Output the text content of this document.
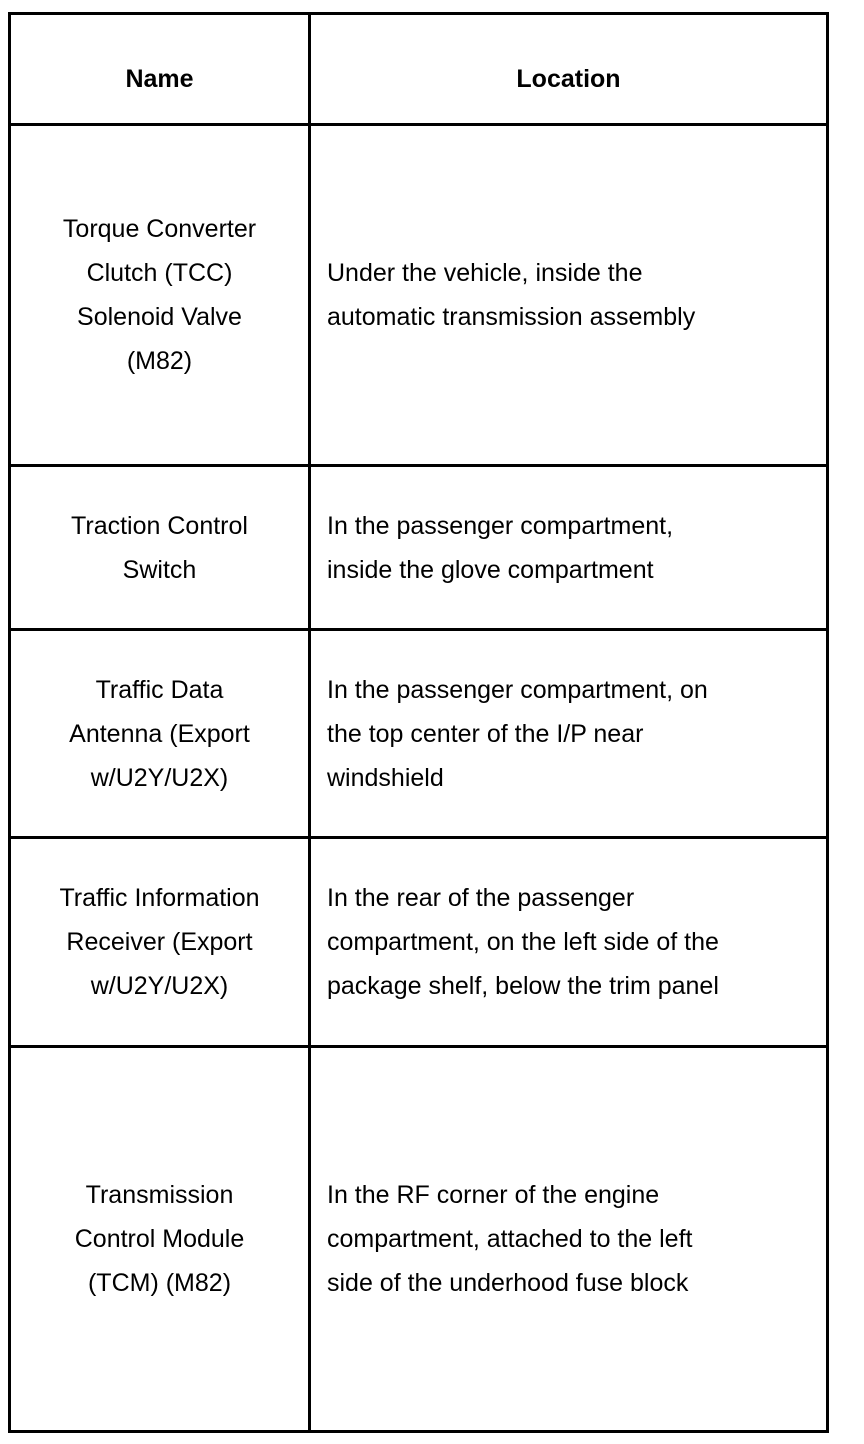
Name	Location

Torque Converter
Clutch (TCC)
Solenoid Valve
(M82)	Under the vehicle, inside the
automatic transmission assembly

Traction Control
Switch	In the passenger compartment,
inside the glove compartment

Traffic Data
Antenna (Export
w/U2Y/U2X)	In the passenger compartment, on
the top center of the I/P near
windshield

Traffic Information
Receiver (Export
w/U2Y/U2X)	In the rear of the passenger
compartment, on the left side of the
package shelf, below the trim panel

Transmission
Control Module
(TCM) (M82)	In the RF corner of the engine
compartment, attached to the left
side of the underhood fuse block
